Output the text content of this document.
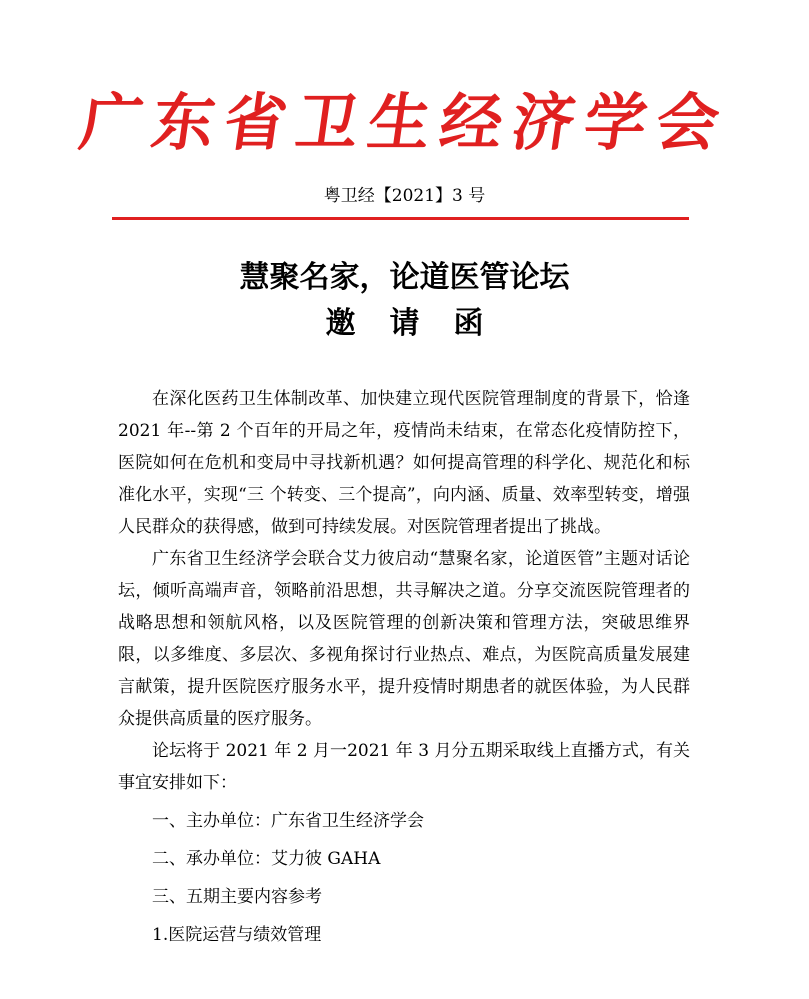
广东省卫生经济学会
粤卫经【2021】3 号
慧聚名家，论道医管论坛
邀请函

在深化医药卫生体制改革、加快建立现代医院管理制度的背景下，恰逢 2021 年--第 2 个百年的开局之年，疫情尚未结束，在常态化疫情防控下，医院如何在危机和变局中寻找新机遇？如何提高管理的科学化、规范化和标准化水平，实现“三 个转变、三个提高”，向内涵、质量、效率型转变，增强人民群众的获得感，做到可持续发展。对医院管理者提出了挑战。

广东省卫生经济学会联合艾力彼启动“慧聚名家，论道医管”主题对话论坛，倾听高端声音，领略前沿思想，共寻解决之道。分享交流医院管理者的战略思想和领航风格，以及医院管理的创新决策和管理方法，突破思维界限，以多维度、多层次、多视角探讨行业热点、难点，为医院高质量发展建言献策，提升医院医疗服务水平，提升疫情时期患者的就医体验，为人民群众提供高质量的医疗服务。

论坛将于 2021 年 2 月一2021 年 3 月分五期采取线上直播方式，有关事宜安排如下：

一、主办单位：广东省卫生经济学会

二、承办单位：艾力彼 GAHA

三、五期主要内容参考

1.医院运营与绩效管理
